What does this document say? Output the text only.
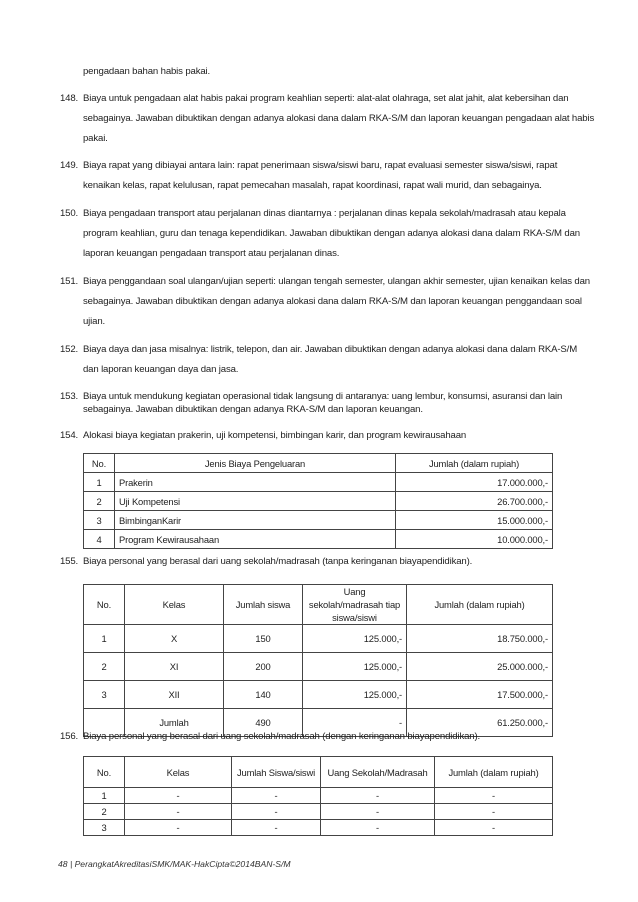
pengadaan bahan habis pakai.
148. Biaya untuk pengadaan alat habis pakai program keahlian seperti: alat-alat olahraga, set alat jahit, alat kebersihan dan
sebagainya. Jawaban dibuktikan dengan adanya alokasi dana dalam RKA-S/M dan laporan keuangan pengadaan alat habis
pakai.
149. Biaya rapat yang dibiayai antara lain: rapat penerimaan siswa/siswi baru, rapat evaluasi semester siswa/siswi, rapat
kenaikan kelas, rapat kelulusan, rapat pemecahan masalah, rapat koordinasi, rapat wali murid, dan sebagainya.
150. Biaya pengadaan transport atau perjalanan dinas diantarnya : perjalanan dinas kepala sekolah/madrasah atau kepala
program keahlian, guru dan tenaga kependidikan. Jawaban dibuktikan dengan adanya alokasi dana dalam RKA-S/M dan
laporan keuangan pengadaan transport atau perjalanan dinas.
151. Biaya penggandaan soal ulangan/ujian seperti: ulangan tengah semester, ulangan akhir semester, ujian kenaikan kelas dan
sebagainya. Jawaban dibuktikan dengan adanya alokasi dana dalam RKA-S/M dan laporan keuangan penggandaan soal
ujian.
152. Biaya daya dan jasa misalnya: listrik, telepon, dan air. Jawaban dibuktikan dengan adanya alokasi dana dalam RKA-S/M
dan laporan keuangan daya dan jasa.
153. Biaya untuk mendukung kegiatan operasional tidak langsung di antaranya: uang lembur, konsumsi, asuransi dan lain
sebagainya. Jawaban dibuktikan dengan adanya RKA-S/M dan laporan keuangan.
154. Alokasi biaya kegiatan prakerin, uji kompetensi, bimbingan karir, dan program kewirausahaan
No.	Jenis Biaya Pengeluaran	Jumlah (dalam rupiah)
1	Prakerin	17.000.000,-
2	Uji Kompetensi	26.700.000,-
3	BimbinganKarir	15.000.000,-
4	Program Kewirausahaan	10.000.000,-
155. Biaya personal yang berasal dari uang sekolah/madrasah (tanpa keringanan biayapendidikan).
No.	Kelas	Jumlah siswa	Uang sekolah/madrasah tiap siswa/siswi	Jumlah (dalam rupiah)
1	X	150	125.000,-	18.750.000,-
2	XI	200	125.000,-	25.000.000,-
3	XII	140	125.000,-	17.500.000,-
	Jumlah	490	-	61.250.000,-
156. Biaya personal yang berasal dari uang sekolah/madrasah (dengan keringanan biayapendidikan).
No.	Kelas	Jumlah Siswa/siswi	Uang Sekolah/Madrasah	Jumlah (dalam rupiah)
1	-	-	-	-
2	-	-	-	-
3	-	-	-	-
48 | PerangkatAkreditasiSMK/MAK-HakCipta©2014BAN-S/M
